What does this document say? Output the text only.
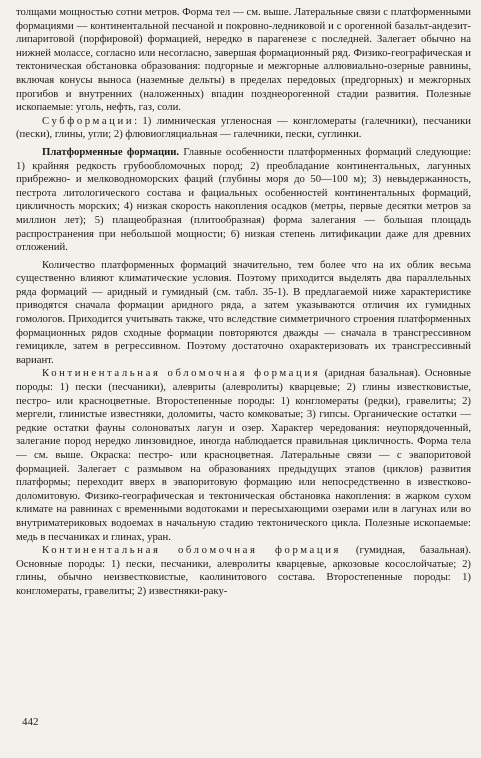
толщами мощностью сотни метров. Форма тел — см. выше. Латеральные связи с платформенными формациями — континентальной песчаной и покровно-ледниковой и с орогенной базальт-андезит-липаритовой (порфировой) формацией, нередко в парагенезе с последней. Залегает обычно на нижней молассе, согласно или несогласно, завершая формационный ряд. Физико-географическая и тектоническая обстановка образования: подгорные и межгорные аллювиально-озерные равнины, включая конусы выноса (наземные дельты) в пределах передовых (предгорных) и межгорных прогибов и внутренних (наложенных) впадин позднеорогенной стадии развития. Полезные ископаемые: уголь, нефть, газ, соли.

Субформации: 1) лимническая угленосная — конгломераты (галечники), песчаники (пески), глины, угли; 2) флювиогляциальная — галечники, пески, суглинки.

Платформенные формации. Главные особенности платформенных формаций следующие: 1) крайняя редкость грубообломочных пород; 2) преобладание континентальных, лагунных прибрежно- и мелководноморских фаций (глубины моря до 50—100 м); 3) невыдержанность, пестрота литологического состава и фациальных особенностей континентальных формаций, цикличность морских; 4) низкая скорость накопления осадков (метры, первые десятки метров за миллион лет); 5) плащеобразная (плитообразная) форма залегания — большая площадь распространения при небольшой мощности; 6) низкая степень литификации даже для древних отложений.

Количество платформенных формаций значительно, тем более что на их облик весьма существенно влияют климатические условия. Поэтому приходится выделять два параллельных ряда формаций — аридный и гумидный (см. табл. 35-1). В предлагаемой ниже характеристике приводятся сначала формации аридного ряда, а затем указываются отличия их гумидных гомологов. Приходится учитывать также, что вследствие симметричного строения платформенных формационных рядов сходные формации повторяются дважды — сначала в трансгрессивном гемицикле, затем в регрессивном. Поэтому достаточно охарактеризовать их трансгрессивный вариант.

Континентальная обломочная формация (аридная базальная). Основные породы: 1) пески (песчаники), алевриты (алевролиты) кварцевые; 2) глины известковистые, пестро- или красноцветные. Второстепенные породы: 1) конгломераты (редки), гравелиты; 2) мергели, глинистые известняки, доломиты, часто комковатые; 3) гипсы. Органические остатки — редкие остатки фауны солоноватых лагун и озер. Характер чередования: неупорядоченный, залегание пород нередко линзовидное, иногда наблюдается правильная цикличность. Форма тела — см. выше. Окраска: пестро- или красноцветная. Латеральные связи — с эвапоритовой формацией. Залегает с размывом на образованиях предыдущих этапов (циклов) развития платформы; переходит вверх в эвапоритовую формацию или непосредственно в известково-доломитовую. Физико-географическая и тектоническая обстановка накопления: в жарком сухом климате на равнинах с временными водотоками и пересыхающими озерами или в лагунах или во внутриматериковых водоемах в начальную стадию тектонического цикла. Полезные ископаемые: медь в песчаниках и глинах, уран.

Континентальная обломочная формация (гумидная, базальная). Основные породы: 1) пески, песчаники, алевролиты кварцевые, аркозовые косослойчатые; 2) глины, обычно неизвестковистые, каолинитового состава. Второстепенные породы: 1) конгломераты, гравелиты; 2) известняки-раку-

442
